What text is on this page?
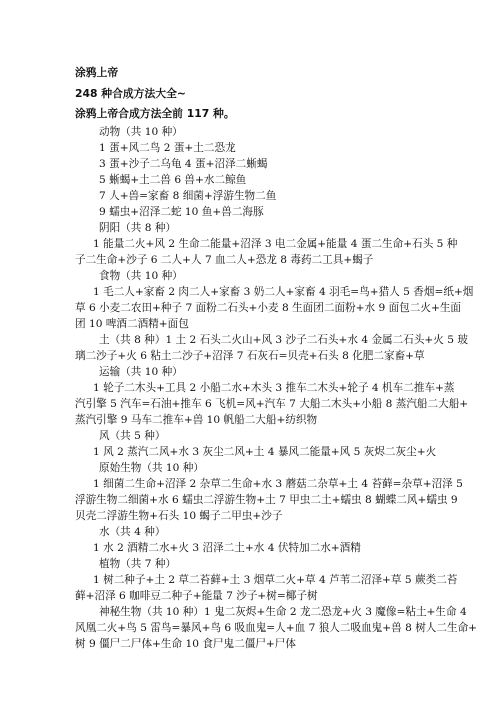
涂鸦上帝
248 种合成方法大全~
涂鸦上帝合成方法全前 117 种。
动物（共 10 种）
1 蛋+风二鸟 2 蛋+土二恐龙
3 蛋+沙子二乌龟 4 蛋+沼泽二蜥蝎
5 蜥蝎+土二兽 6 兽+水二鲸鱼
7 人+兽=家畜 8 细菌+浮游生物二鱼
9 蠕虫+沼泽二蛇 10 鱼+兽二海豚
阴阳（共 8 种）
1 能量二火+风 2 生命二能量+沼泽 3 电二金属+能量 4 蛋二生命+石头 5 种
子二生命+沙子 6 二人+人 7 血二人+恐龙 8 毒药二工具+蝎子
食物（共 10 种）
1 毛二人+家畜 2 肉二人+家畜 3 奶二人+家畜 4 羽毛=鸟+猎人 5 香烟=纸+烟
草 6 小麦二农田+种子 7 面粉二石头+小麦 8 生面团二面粉+水 9 面包二火+生面
团 10 啤酒二酒精+面包
土（共 8 种）1 土 2 石头二火山+风 3 沙子二石头+水 4 金属二石头+火 5 玻
璃二沙子+火 6 粘土二沙子+沼泽 7 石灰石=贝壳+石头 8 化肥二家畜+草
运输（共 10 种）
1 轮子二木头+工具 2 小船二水+木头 3 推车二木头+轮子 4 机车二推车+蒸
汽引擎 5 汽车=石油+推车 6 飞机=风+汽车 7 大船二木头+小船 8 蒸汽船二大船+
蒸汽引擎 9 马车二推车+兽 10 帆船二大船+纺织物
风（共 5 种）
1 风 2 蒸汽二风+水 3 灰尘二风+土 4 暴风二能量+风 5 灰烬二灰尘+火
原始生物（共 10 种）
1 细菌二生命+沼泽 2 杂草二生命+水 3 蘑菇二杂草+土 4 苔藓=杂草+沼泽 5
浮游生物二细菌+水 6 蠕虫二浮游生物+土 7 甲虫二土+蠕虫 8 蝴蝶二风+蠕虫 9
贝壳二浮游生物+石头 10 蝎子二甲虫+沙子
水（共 4 种）
1 水 2 酒精二水+火 3 沼泽二土+水 4 伏特加二水+酒精
植物（共 7 种）
1 树二种子+土 2 草二苔藓+土 3 烟草二火+草 4 芦苇二沼泽+草 5 蕨类二苔
藓+沼泽 6 咖啡豆二种子+能量 7 沙子+树=椰子树
神秘生物（共 10 种）1 鬼二灰烬+生命 2 龙二恐龙+火 3 魔像=粘土+生命 4
风凰二火+鸟 5 雷鸟=暴风+鸟 6 吸血鬼=人+血 7 狼人二吸血鬼+兽 8 树人二生命+
树 9 僵尸二尸体+生命 10 食尸鬼二僵尸+尸体
